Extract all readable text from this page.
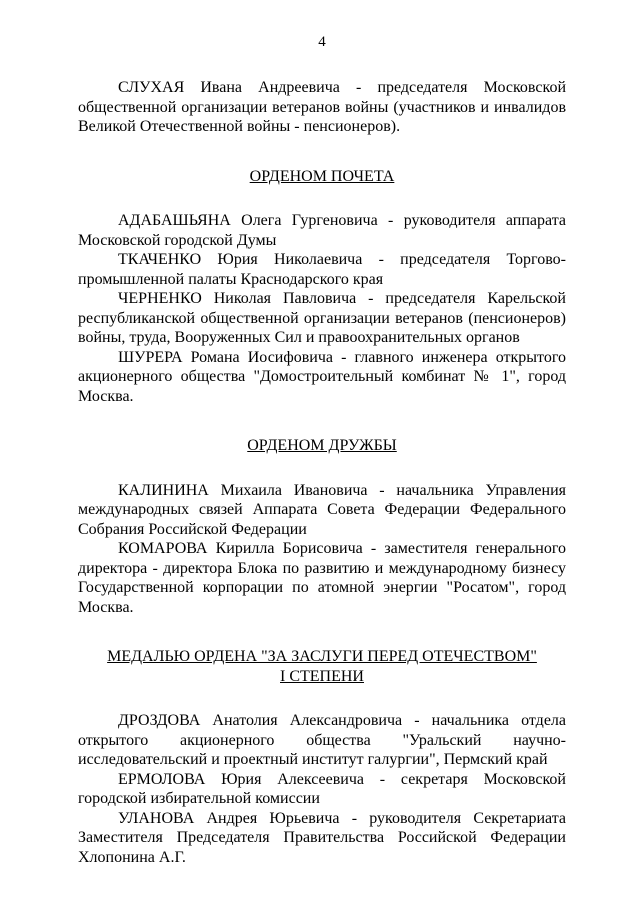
4

СЛУХАЯ Ивана Андреевича - председателя Московской общественной организации ветеранов войны (участников и инвалидов Великой Отечественной войны - пенсионеров).

ОРДЕНОМ ПОЧЕТА

АДАБАШЬЯНА Олега Гургеновича - руководителя аппарата Московской городской Думы

ТКАЧЕНКО Юрия Николаевича - председателя Торгово-промышленной палаты Краснодарского края

ЧЕРНЕНКО Николая Павловича - председателя Карельской республиканской общественной организации ветеранов (пенсионеров) войны, труда, Вооруженных Сил и правоохранительных органов

ШУРЕРА Романа Иосифовича - главного инженера открытого акционерного общества "Домостроительный комбинат № 1", город Москва.

ОРДЕНОМ ДРУЖБЫ

КАЛИНИНА Михаила Ивановича - начальника Управления международных связей Аппарата Совета Федерации Федерального Собрания Российской Федерации

КОМАРОВА Кирилла Борисовича - заместителя генерального директора - директора Блока по развитию и международному бизнесу Государственной корпорации по атомной энергии "Росатом", город Москва.

МЕДАЛЬЮ ОРДЕНА "ЗА ЗАСЛУГИ ПЕРЕД ОТЕЧЕСТВОМ"

I СТЕПЕНИ

ДРОЗДОВА Анатолия Александровича - начальника отдела открытого акционерного общества "Уральский научно-исследовательский и проектный институт галургии", Пермский край

ЕРМОЛОВА Юрия Алексеевича - секретаря Московской городской избирательной комиссии

УЛАНОВА Андрея Юрьевича - руководителя Секретариата Заместителя Председателя Правительства Российской Федерации Хлопонина А.Г.
